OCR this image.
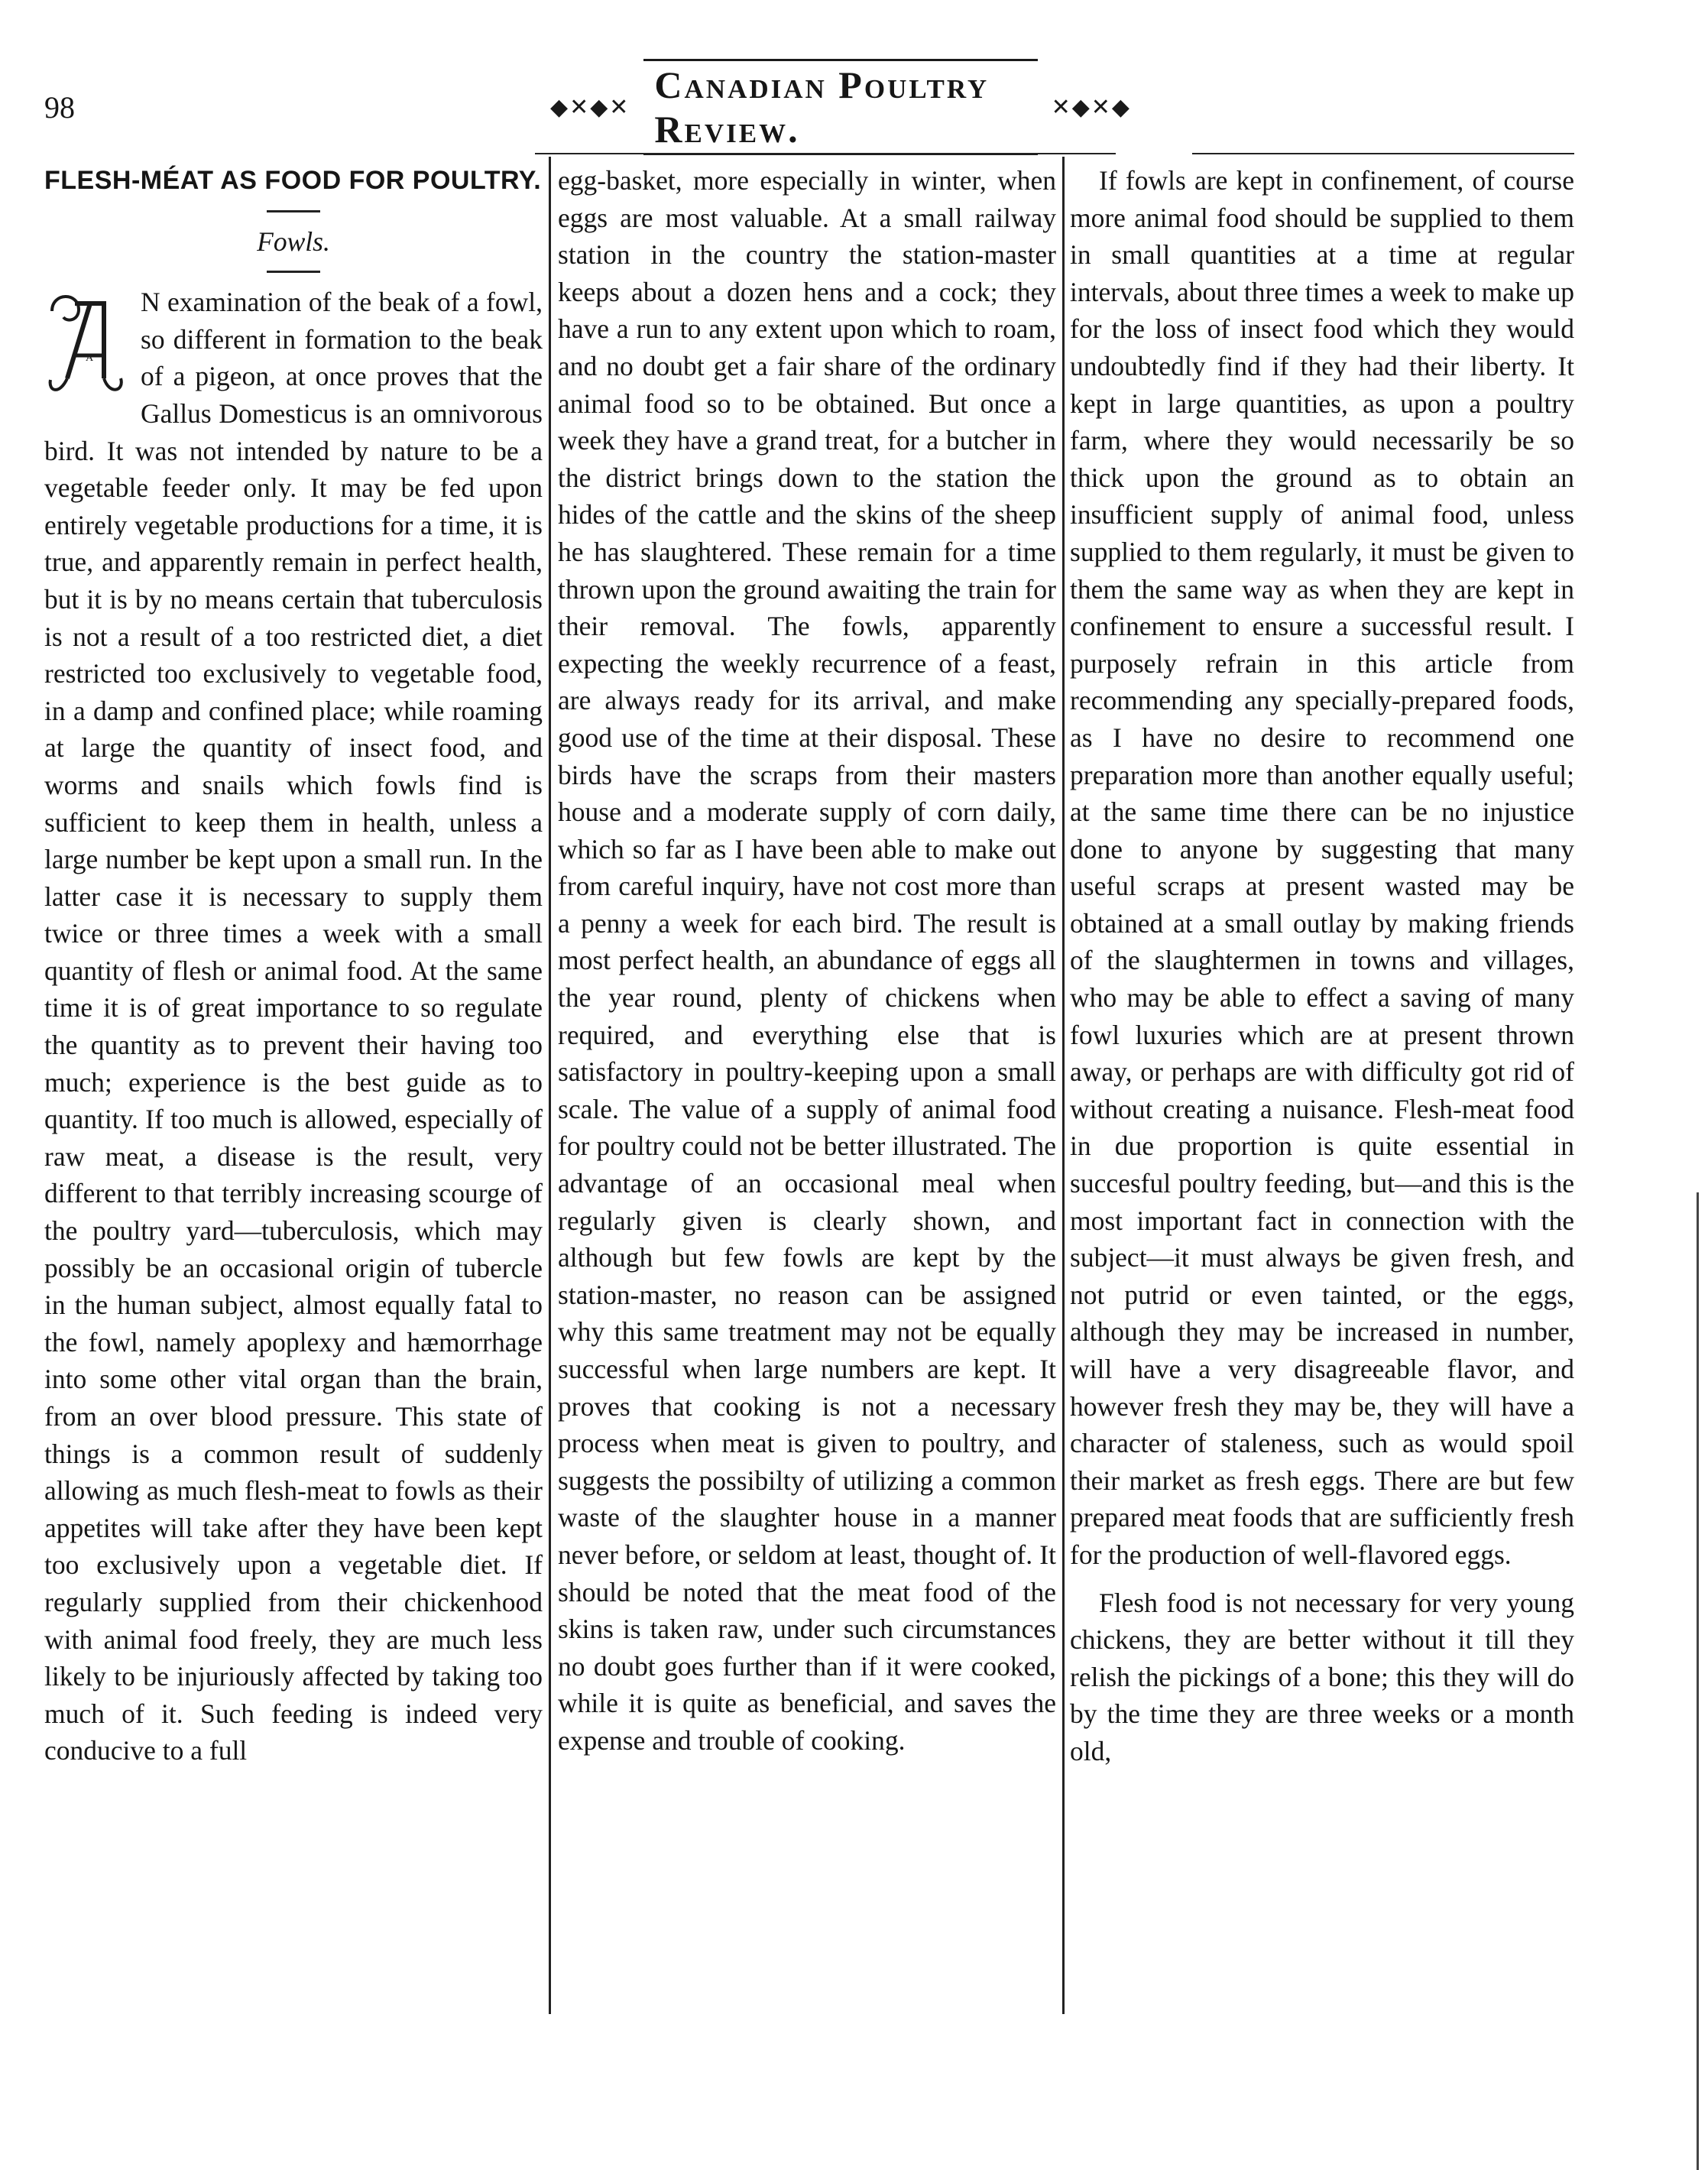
98	◆✕◆✕
Canadian Poultry Review.
✕◆✕◆
FLESH-MÉAT AS FOOD FOR POULTRY.
Fowls.
A

N examination of the beak of a fowl, so different in formation to the beak of a pigeon, at once proves that the Gallus Domesticus is an omnivorous bird. It was not intended by nature to be a vegetable feeder only. It may be fed upon entirely vegetable productions for a time, it is true, and apparently remain in perfect health, but it is by no means certain that tuberculosis is not a result of a too restricted diet, a diet restricted too exclusively to vegetable food, in a damp and confined place; while roaming at large the quantity of insect food, and worms and snails which fowls find is sufficient to keep them in health, unless a large number be kept upon a small run. In the latter case it is necessary to supply them twice or three times a week with a small quantity of flesh or animal food. At the same time it is of great importance to so regulate the quantity as to prevent their having too much; experience is the best guide as to quantity. If too much is allowed, especially of raw meat, a disease is the result, very different to that terribly increasing scourge of the poultry yard—tuberculosis, which may possibly be an occasional origin of tubercle in the human subject, almost equally fatal to the fowl, namely apoplexy and hæmorrhage into some other vital organ than the brain, from an over blood pressure. This state of things is a common result of suddenly allowing as much flesh-meat to fowls as their appetites will take after they have been kept too exclusively upon a vegetable diet. If regularly supplied from their chickenhood with animal food freely, they are much less likely to be injuriously affected by taking too much of it. Such feeding is indeed very conducive to a full

egg-basket, more especially in winter, when eggs are most valuable. At a small railway station in the country the station-master keeps about a dozen hens and a cock; they have a run to any extent upon which to roam, and no doubt get a fair share of the ordinary animal food so to be obtained. But once a week they have a grand treat, for a butcher in the district brings down to the station the hides of the cattle and the skins of the sheep he has slaughtered. These remain for a time thrown upon the ground awaiting the train for their removal. The fowls, apparently expecting the weekly recurrence of a feast, are always ready for its arrival, and make good use of the time at their disposal. These birds have the scraps from their masters house and a moderate supply of corn daily, which so far as I have been able to make out from careful inquiry, have not cost more than a penny a week for each bird. The result is most perfect health, an abundance of eggs all the year round, plenty of chickens when required, and everything else that is satisfactory in poultry-keeping upon a small scale. The value of a supply of animal food for poultry could not be better illustrated. The advantage of an occasional meal when regularly given is clearly shown, and although but few fowls are kept by the station-master, no reason can be assigned why this same treatment may not be equally successful when large numbers are kept. It proves that cooking is not a necessary process when meat is given to poultry, and suggests the possibilty of utilizing a common waste of the slaughter house in a manner never before, or seldom at least, thought of. It should be noted that the meat food of the skins is taken raw, under such circumstances no doubt goes further than if it were cooked, while it is quite as beneficial, and saves the expense and trouble of cooking.

If fowls are kept in confinement, of course more animal food should be supplied to them in small quantities at a time at regular intervals, about three times a week to make up for the loss of insect food which they would undoubtedly find if they had their liberty. It kept in large quantities, as upon a poultry farm, where they would necessarily be so thick upon the ground as to obtain an insufficient supply of animal food, unless supplied to them regularly, it must be given to them the same way as when they are kept in confinement to ensure a successful result. I purposely refrain in this article from recommending any specially-prepared foods, as I have no desire to recommend one preparation more than another equally useful; at the same time there can be no injustice done to anyone by suggesting that many useful scraps at present wasted may be obtained at a small outlay by making friends of the slaughtermen in towns and villages, who may be able to effect a saving of many fowl luxuries which are at present thrown away, or perhaps are with difficulty got rid of without creating a nuisance. Flesh-meat food in due proportion is quite essential in succesful poultry feeding, but—and this is the most important fact in connection with the subject—it must always be given fresh, and not putrid or even tainted, or the eggs, although they may be increased in number, will have a very disagreeable flavor, and however fresh they may be, they will have a character of staleness, such as would spoil their market as fresh eggs. There are but few prepared meat foods that are sufficiently fresh for the production of well-flavored eggs.

Flesh food is not necessary for very young chickens, they are better without it till they relish the pickings of a bone; this they will do by the time they are three weeks or a month old,
